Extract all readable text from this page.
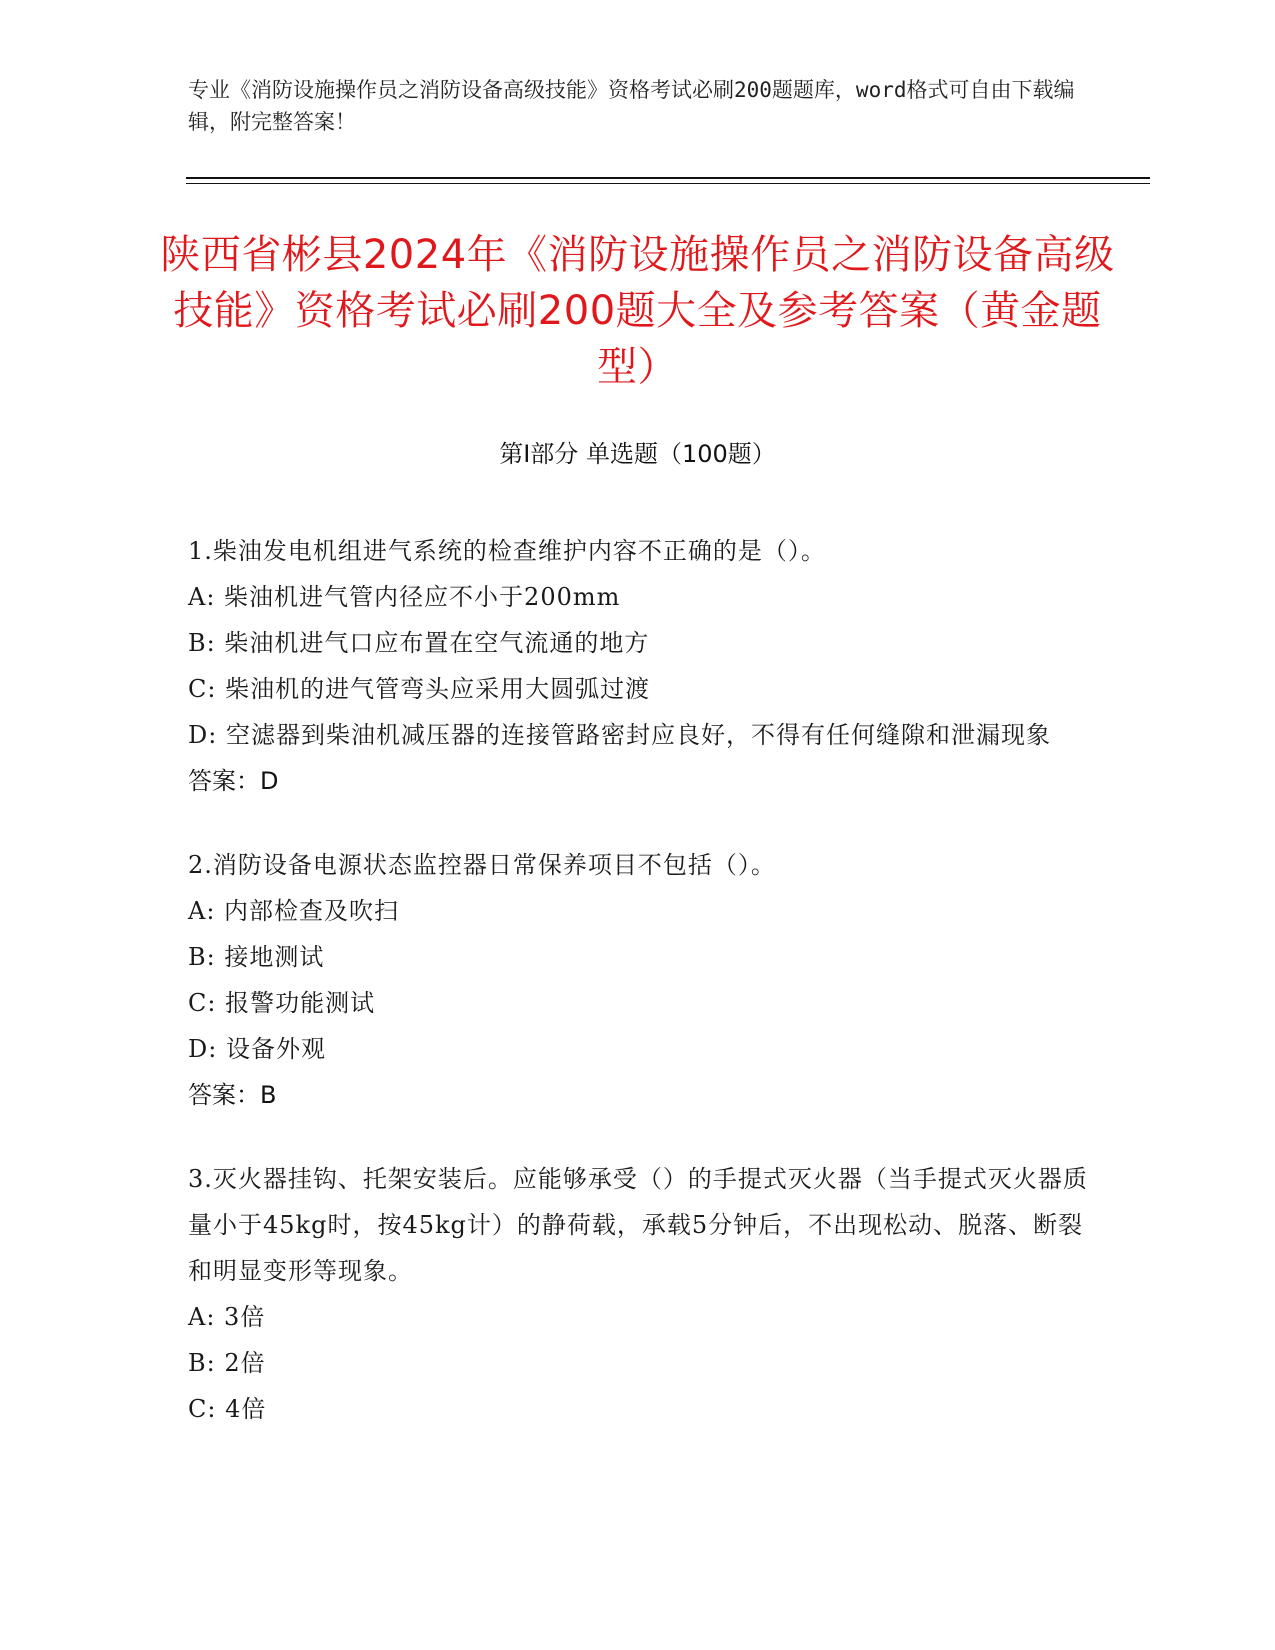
专业《消防设施操作员之消防设备高级技能》资格考试必刷200题题库，word格式可自由下载编辑，附完整答案！
陕西省彬县2024年《消防设施操作员之消防设备高级技能》资格考试必刷200题大全及参考答案（黄金题型）
第Ⅰ部分 单选题（100题）
1.柴油发电机组进气系统的检查维护内容不正确的是（）。
A: 柴油机进气管内径应不小于200mm
B: 柴油机进气口应布置在空气流通的地方
C: 柴油机的进气管弯头应采用大圆弧过渡
D: 空滤器到柴油机减压器的连接管路密封应良好，不得有任何缝隙和泄漏现象
答案：D
2.消防设备电源状态监控器日常保养项目不包括（）。
A: 内部检查及吹扫
B: 接地测试
C: 报警功能测试
D: 设备外观
答案：B
3.灭火器挂钩、托架安装后。应能够承受（）的手提式灭火器（当手提式灭火器质量小于45kg时，按45kg计）的静荷载，承载5分钟后，不出现松动、脱落、断裂和明显变形等现象。
A: 3倍
B: 2倍
C: 4倍
